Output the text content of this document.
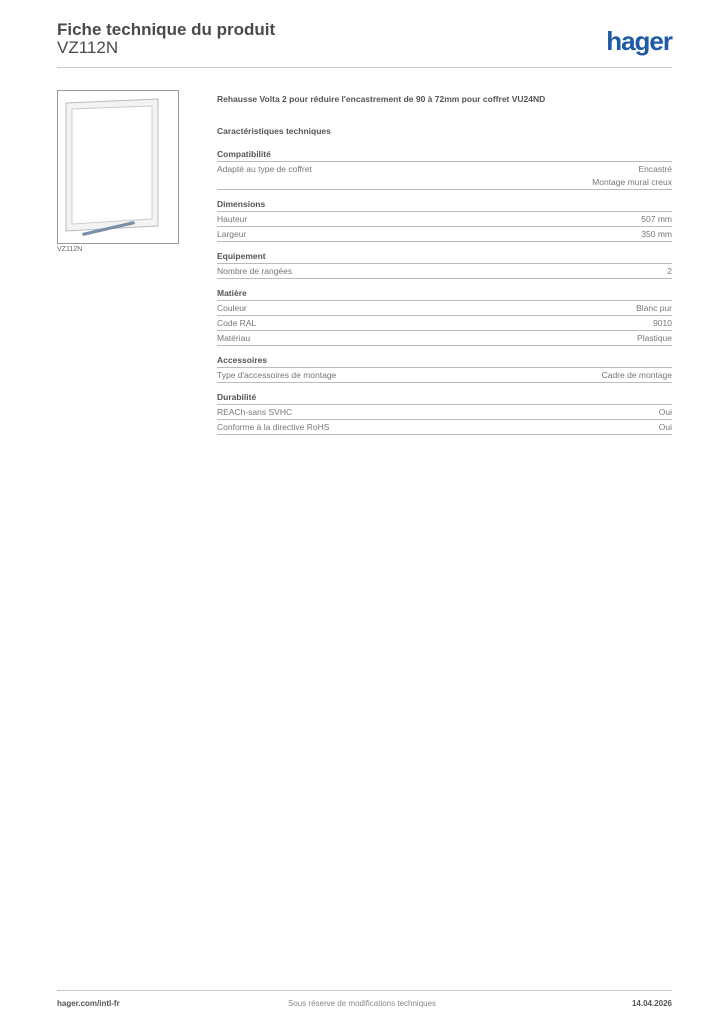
Fiche technique du produit
VZ112N	hager
VZ112N
Rehausse Volta 2 pour réduire l'encastrement de 90 à 72mm pour coffret VU24ND
Caractéristiques techniques
Compatibilité
Adapté au type de coffret	Encastré
Montage mural creux
Dimensions
Hauteur	507 mm
Largeur	350 mm
Equipement
Nombre de rangées	2
Matière
Couleur	Blanc pur
Code RAL	9010
Matériau	Plastique
Accessoires
Type d'accessoires de montage	Cadre de montage
Durabilité
REACh-sans SVHC	Oui
Conforme à la directive RoHS	Oui
hager.com/intl-fr	Sous réserve de modifications techniques	14.04.2026
